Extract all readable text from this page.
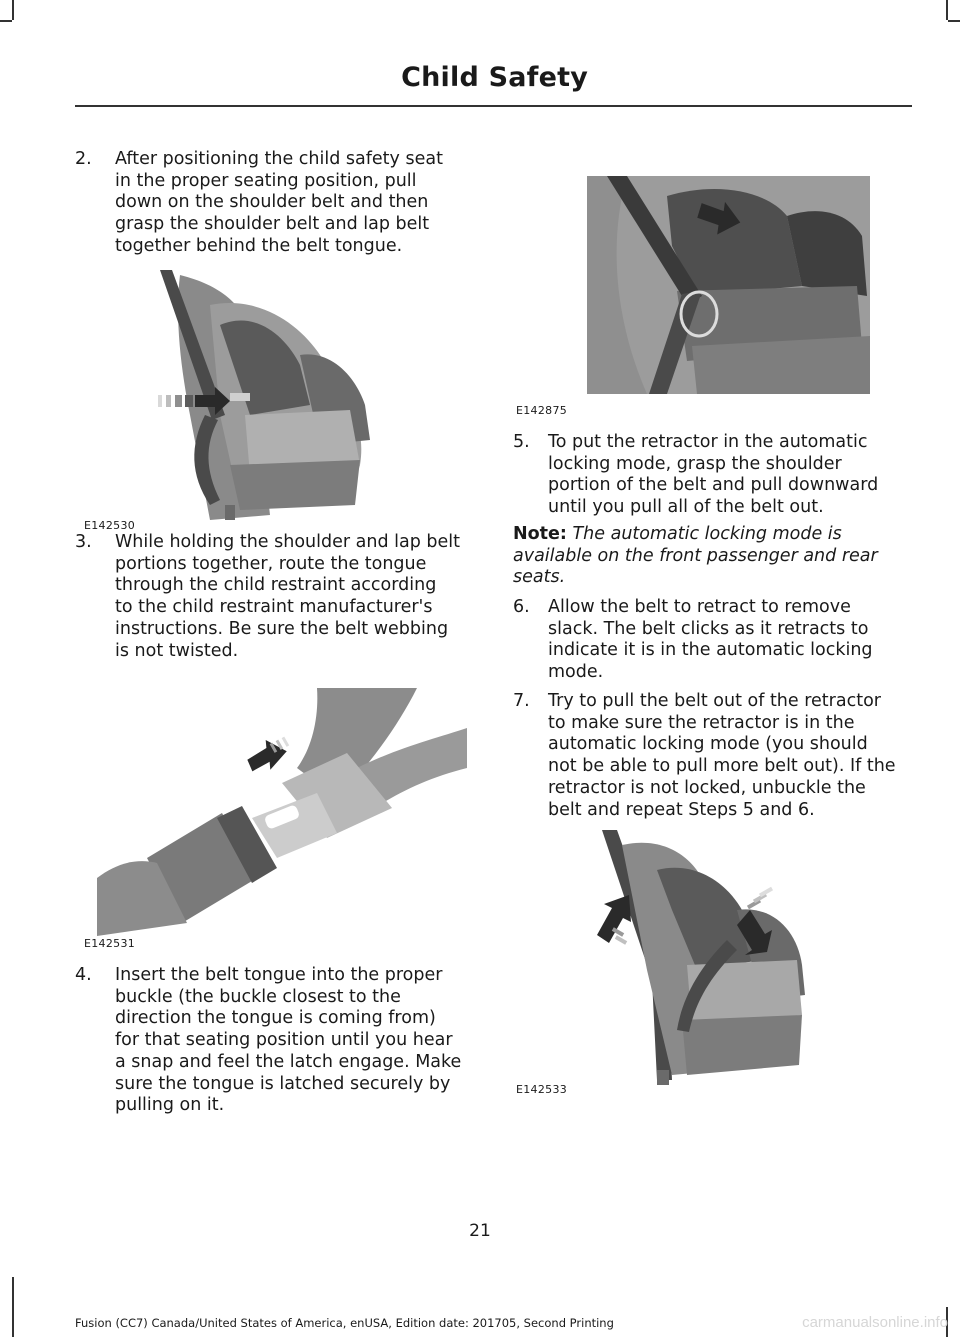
Child Safety
2. After positioning the child safety seat
in the proper seating position, pull
down on the shoulder belt and then
grasp the shoulder belt and lap belt
together behind the belt tongue.
E142530
3. While holding the shoulder and lap belt
portions together, route the tongue
through the child restraint according
to the child restraint manufacturer's
instructions. Be sure the belt webbing
is not twisted.
E142531
4. Insert the belt tongue into the proper
buckle (the buckle closest to the
direction the tongue is coming from)
for that seating position until you hear
a snap and feel the latch engage. Make
sure the tongue is latched securely by
pulling on it.
E142875
5. To put the retractor in the automatic
locking mode, grasp the shoulder
portion of the belt and pull downward
until you pull all of the belt out.
Note: The automatic locking mode is
available on the front passenger and rear
seats.
6. Allow the belt to retract to remove
slack. The belt clicks as it retracts to
indicate it is in the automatic locking
mode.
7. Try to pull the belt out of the retractor
to make sure the retractor is in the
automatic locking mode (you should
not be able to pull more belt out). If the
retractor is not locked, unbuckle the
belt and repeat Steps 5 and 6.
E142533
21
Fusion (CC7) Canada/United States of America, enUSA, Edition date: 201705, Second Printing	carmanualsonline.info
